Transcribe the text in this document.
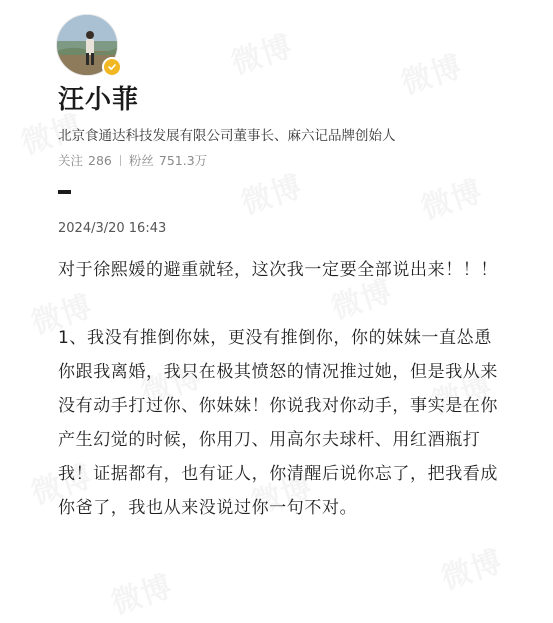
汪小菲
北京食通达科技发展有限公司董事长、麻六记品牌创始人
关注 286 粉丝 751.3万
2024/3/20 16:43

对于徐熙媛的避重就轻，这次我一定要全部说出来！！！

1、我没有推倒你妹，更没有推倒你，你的妹妹一直怂恿你跟我离婚，我只在极其愤怒的情况推过她，但是我从来没有动手打过你、你妹妹！你说我对你动手，事实是在你产生幻觉的时候，你用刀、用高尔夫球杆、用红酒瓶打我！证据都有，也有证人，你清醒后说你忘了，把我看成你爸了，我也从来没说过你一句不对。
